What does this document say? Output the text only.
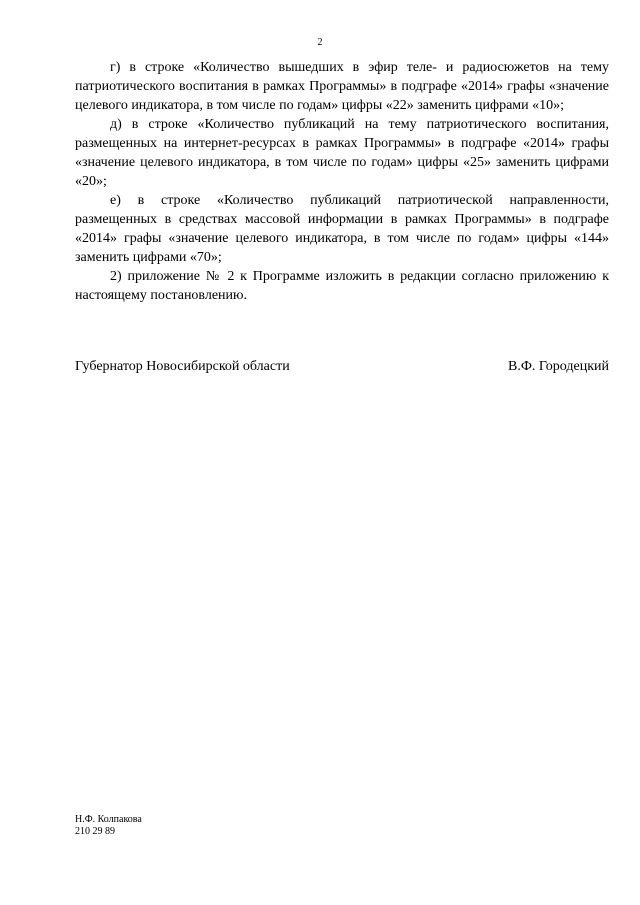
2

г) в строке «Количество вышедших в эфир теле- и радиосюжетов на тему патриотического воспитания в рамках Программы» в подграфе «2014» графы «значение целевого индикатора, в том числе по годам» цифры «22» заменить цифрами «10»;

д) в строке «Количество публикаций на тему патриотического воспитания, размещенных на интернет-ресурсах в рамках Программы» в подграфе «2014» графы «значение целевого индикатора, в том числе по годам» цифры «25» заменить цифрами «20»;

е) в строке «Количество публикаций патриотической направленности, размещенных в средствах массовой информации в рамках Программы» в подграфе «2014» графы «значение целевого индикатора, в том числе по годам» цифры «144» заменить цифрами «70»;

2) приложение № 2 к Программе изложить в редакции согласно приложению к настоящему постановлению.

Губернатор Новосибирской области	В.Ф. Городецкий
Н.Ф. Колпакова
210 29 89
